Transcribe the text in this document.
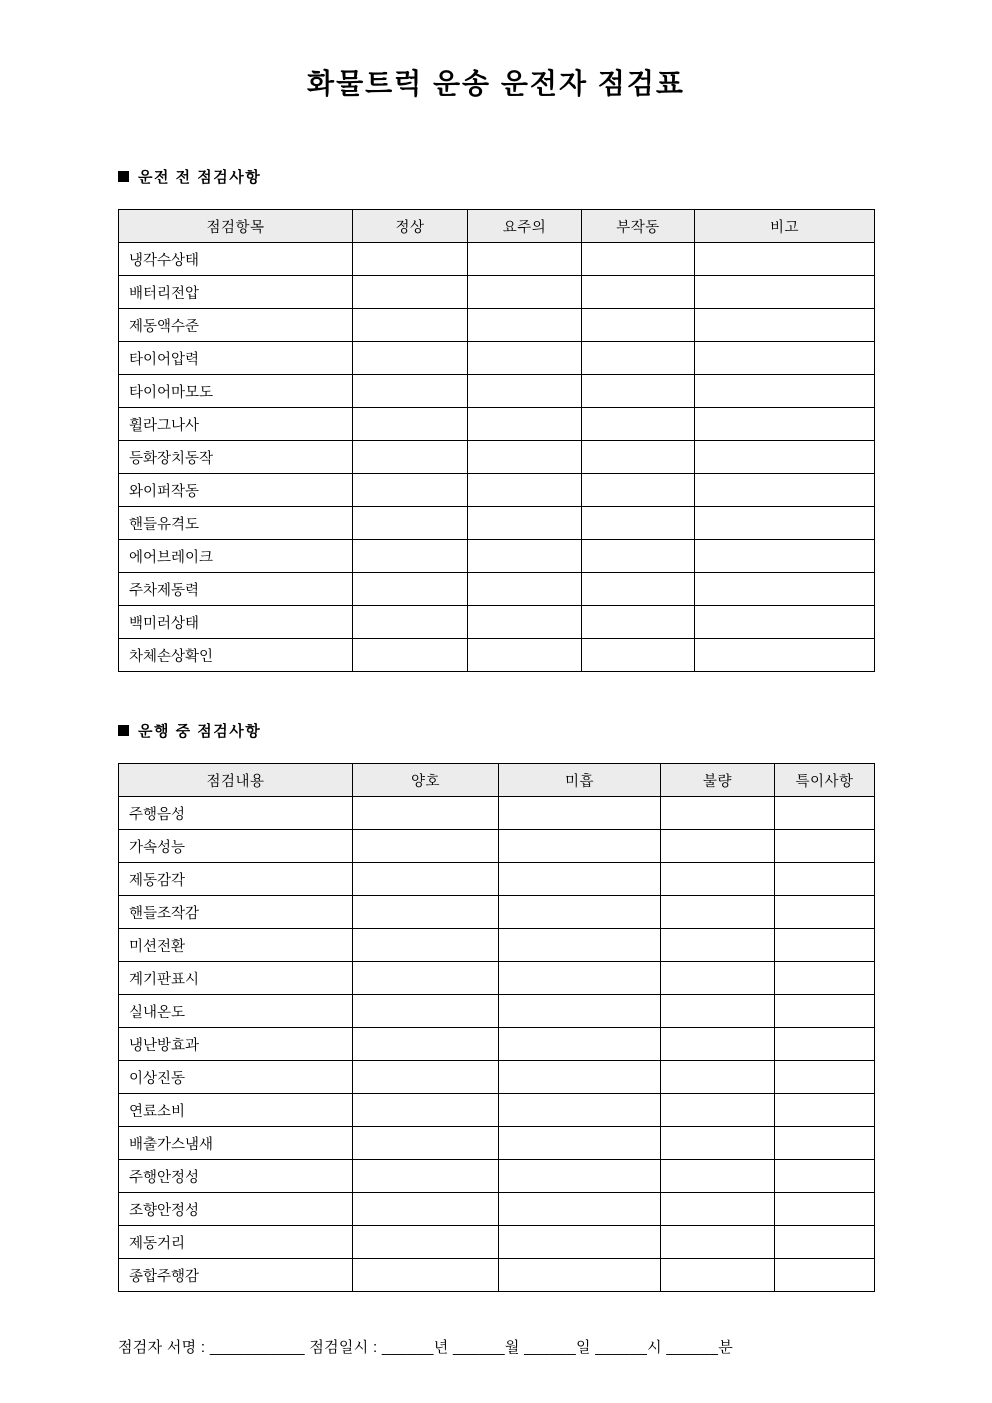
화물트럭 운송 운전자 점검표
운전 전 점검사항
점검항목	정상	요주의	부작동	비고
냉각수상태				
배터리전압				
제동액수준				
타이어압력				
타이어마모도				
휠라그나사				
등화장치동작				
와이퍼작동				
핸들유격도				
에어브레이크				
주차제동력				
백미러상태				
차체손상확인				
운행 중 점검사항
점검내용	양호	미흡	불량	특이사항
주행음성				
가속성능				
제동감각				
핸들조작감				
미션전환				
계기판표시				
실내온도				
냉난방효과				
이상진동				
연료소비				
배출가스냄새				
주행안정성				
조향안정성				
제동거리				
종합주행감				

점검자 서명 : ___________ 점검일시 : ______년 ______월 ______일 ______시 ______분
